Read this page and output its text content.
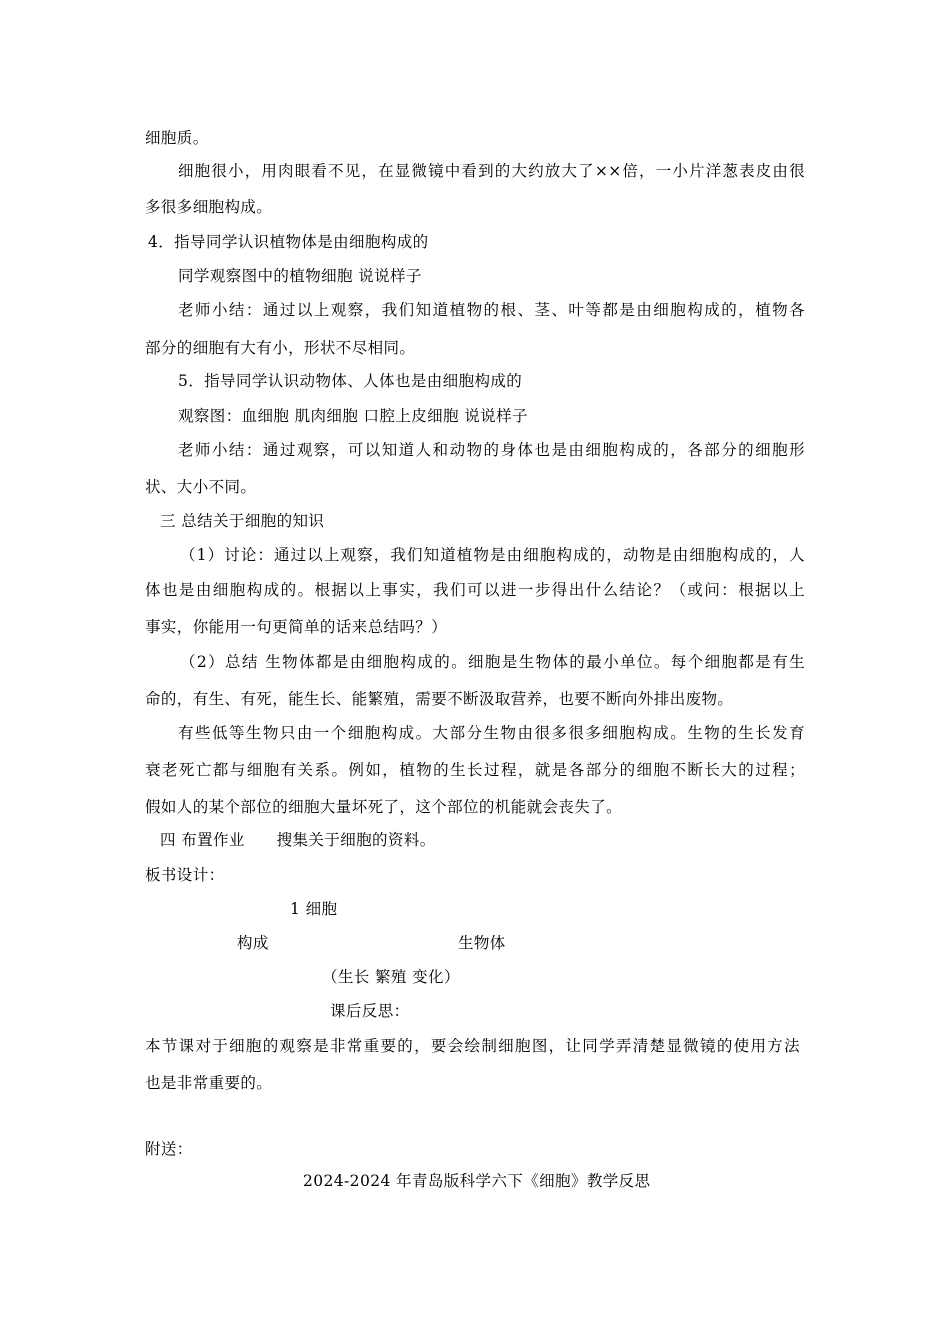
细胞质。
细胞很小，用肉眼看不见，在显微镜中看到的大约放大了××倍，一小片洋葱表皮由很
多很多细胞构成。
4．指导同学认识植物体是由细胞构成的
同学观察图中的植物细胞 说说样子
老师小结：通过以上观察，我们知道植物的根、茎、叶等都是由细胞构成的，植物各
部分的细胞有大有小，形状不尽相同。
5．指导同学认识动物体、人体也是由细胞构成的
观察图：血细胞 肌肉细胞 口腔上皮细胞 说说样子
老师小结：通过观察，可以知道人和动物的身体也是由细胞构成的，各部分的细胞形
状、大小不同。
三 总结关于细胞的知识
（1）讨论：通过以上观察，我们知道植物是由细胞构成的，动物是由细胞构成的，人
体也是由细胞构成的。根据以上事实，我们可以进一步得出什么结论？（或问：根据以上
事实，你能用一句更简单的话来总结吗？）
（2）总结 生物体都是由细胞构成的。细胞是生物体的最小单位。每个细胞都是有生
命的，有生、有死，能生长、能繁殖，需要不断汲取营养，也要不断向外排出废物。
有些低等生物只由一个细胞构成。大部分生物由很多很多细胞构成。生物的生长发育
衰老死亡都与细胞有关系。例如，植物的生长过程，就是各部分的细胞不断长大的过程；
假如人的某个部位的细胞大量坏死了，这个部位的机能就会丧失了。
四 布置作业　　搜集关于细胞的资料。
板书设计：
1 细胞
构成	生物体
（生长 繁殖 变化）
课后反思：
本节课对于细胞的观察是非常重要的，要会绘制细胞图，让同学弄清楚显微镜的使用方法
也是非常重要的。
附送：
2024-2024 年青岛版科学六下《细胞》教学反思
